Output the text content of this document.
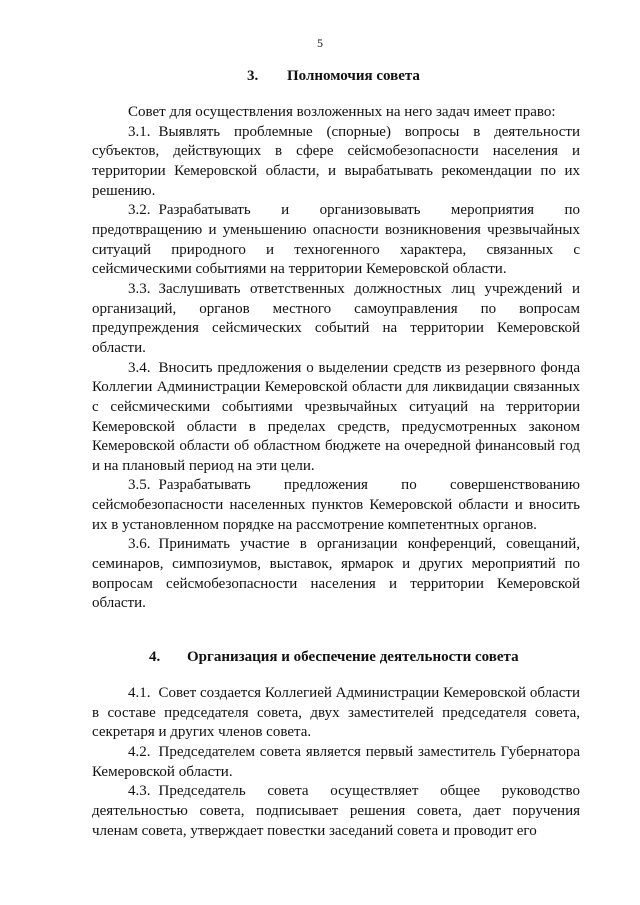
5
3. Полномочия совета

Совет для осуществления возложенных на него задач имеет право:

3.1. Выявлять проблемные (спорные) вопросы в деятельности субъектов, действующих в сфере сейсмобезопасности населения и территории Кемеровской области, и вырабатывать рекомендации по их решению.

3.2. Разрабатывать и организовывать мероприятия по предотвращению и уменьшению опасности возникновения чрезвычайных ситуаций природного и техногенного характера, связанных с сейсмическими событиями на территории Кемеровской области.

3.3. Заслушивать ответственных должностных лиц учреждений и организаций, органов местного самоуправления по вопросам предупреждения сейсмических событий на территории Кемеровской области.

3.4. Вносить предложения о выделении средств из резервного фонда Коллегии Администрации Кемеровской области для ликвидации связанных с сейсмическими событиями чрезвычайных ситуаций на территории Кемеровской области в пределах средств, предусмотренных законом Кемеровской области об областном бюджете на очередной финансовый год и на плановый период на эти цели.

3.5. Разрабатывать предложения по совершенствованию сейсмобезопасности населенных пунктов Кемеровской области и вносить их в установленном порядке на рассмотрение компетентных органов.

3.6. Принимать участие в организации конференций, совещаний, семинаров, симпозиумов, выставок, ярмарок и других мероприятий по вопросам сейсмобезопасности населения и территории Кемеровской области.

4. Организация и обеспечение деятельности совета

4.1. Совет создается Коллегией Администрации Кемеровской области в составе председателя совета, двух заместителей председателя совета, секретаря и других членов совета.

4.2. Председателем совета является первый заместитель Губернатора Кемеровской области.

4.3. Председатель совета осуществляет общее руководство деятельностью совета, подписывает решения совета, дает поручения членам совета, утверждает повестки заседаний совета и проводит его
